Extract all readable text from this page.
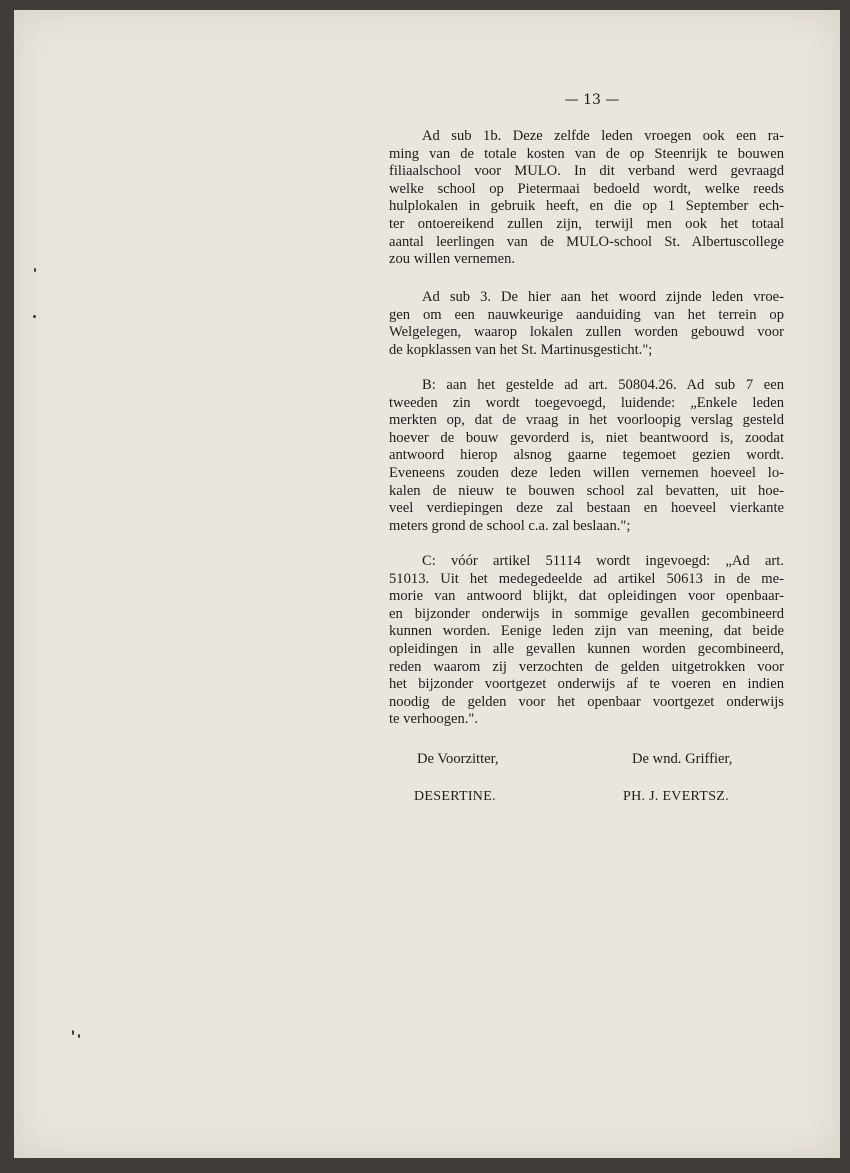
— 13 —
Ad sub 1b. Deze zelfde leden vroegen ook een ra-
ming van de totale kosten van de op Steenrijk te bouwen
filiaalschool voor MULO. In dit verband werd gevraagd
welke school op Pietermaai bedoeld wordt, welke reeds
hulplokalen in gebruik heeft, en die op 1 September ech-
ter ontoereikend zullen zijn, terwijl men ook het totaal
aantal leerlingen van de MULO-school St. Albertuscollege
zou willen vernemen.
Ad sub 3. De hier aan het woord zijnde leden vroe-
gen om een nauwkeurige aanduiding van het terrein op
Welgelegen, waarop lokalen zullen worden gebouwd voor
de kopklassen van het St. Martinusgesticht.";
B: aan het gestelde ad art. 50804.26. Ad sub 7 een
tweeden zin wordt toegevoegd, luidende: „Enkele leden
merkten op, dat de vraag in het voorloopig verslag gesteld
hoever de bouw gevorderd is, niet beantwoord is, zoodat
antwoord hierop alsnog gaarne tegemoet gezien wordt.
Eveneens zouden deze leden willen vernemen hoeveel lo-
kalen de nieuw te bouwen school zal bevatten, uit hoe-
veel verdiepingen deze zal bestaan en hoeveel vierkante
meters grond de school c.a. zal beslaan.";
C: vóór artikel 51114 wordt ingevoegd: „Ad art.
51013. Uit het medegedeelde ad artikel 50613 in de me-
morie van antwoord blijkt, dat opleidingen voor openbaar-
en bijzonder onderwijs in sommige gevallen gecombineerd
kunnen worden. Eenige leden zijn van meening, dat beide
opleidingen in alle gevallen kunnen worden gecombineerd,
reden waarom zij verzochten de gelden uitgetrokken voor
het bijzonder voortgezet onderwijs af te voeren en indien
noodig de gelden voor het openbaar voortgezet onderwijs
te verhoogen.".
De Voorzitter,	De wnd. Griffier,
DESERTINE.	PH. J. EVERTSZ.
